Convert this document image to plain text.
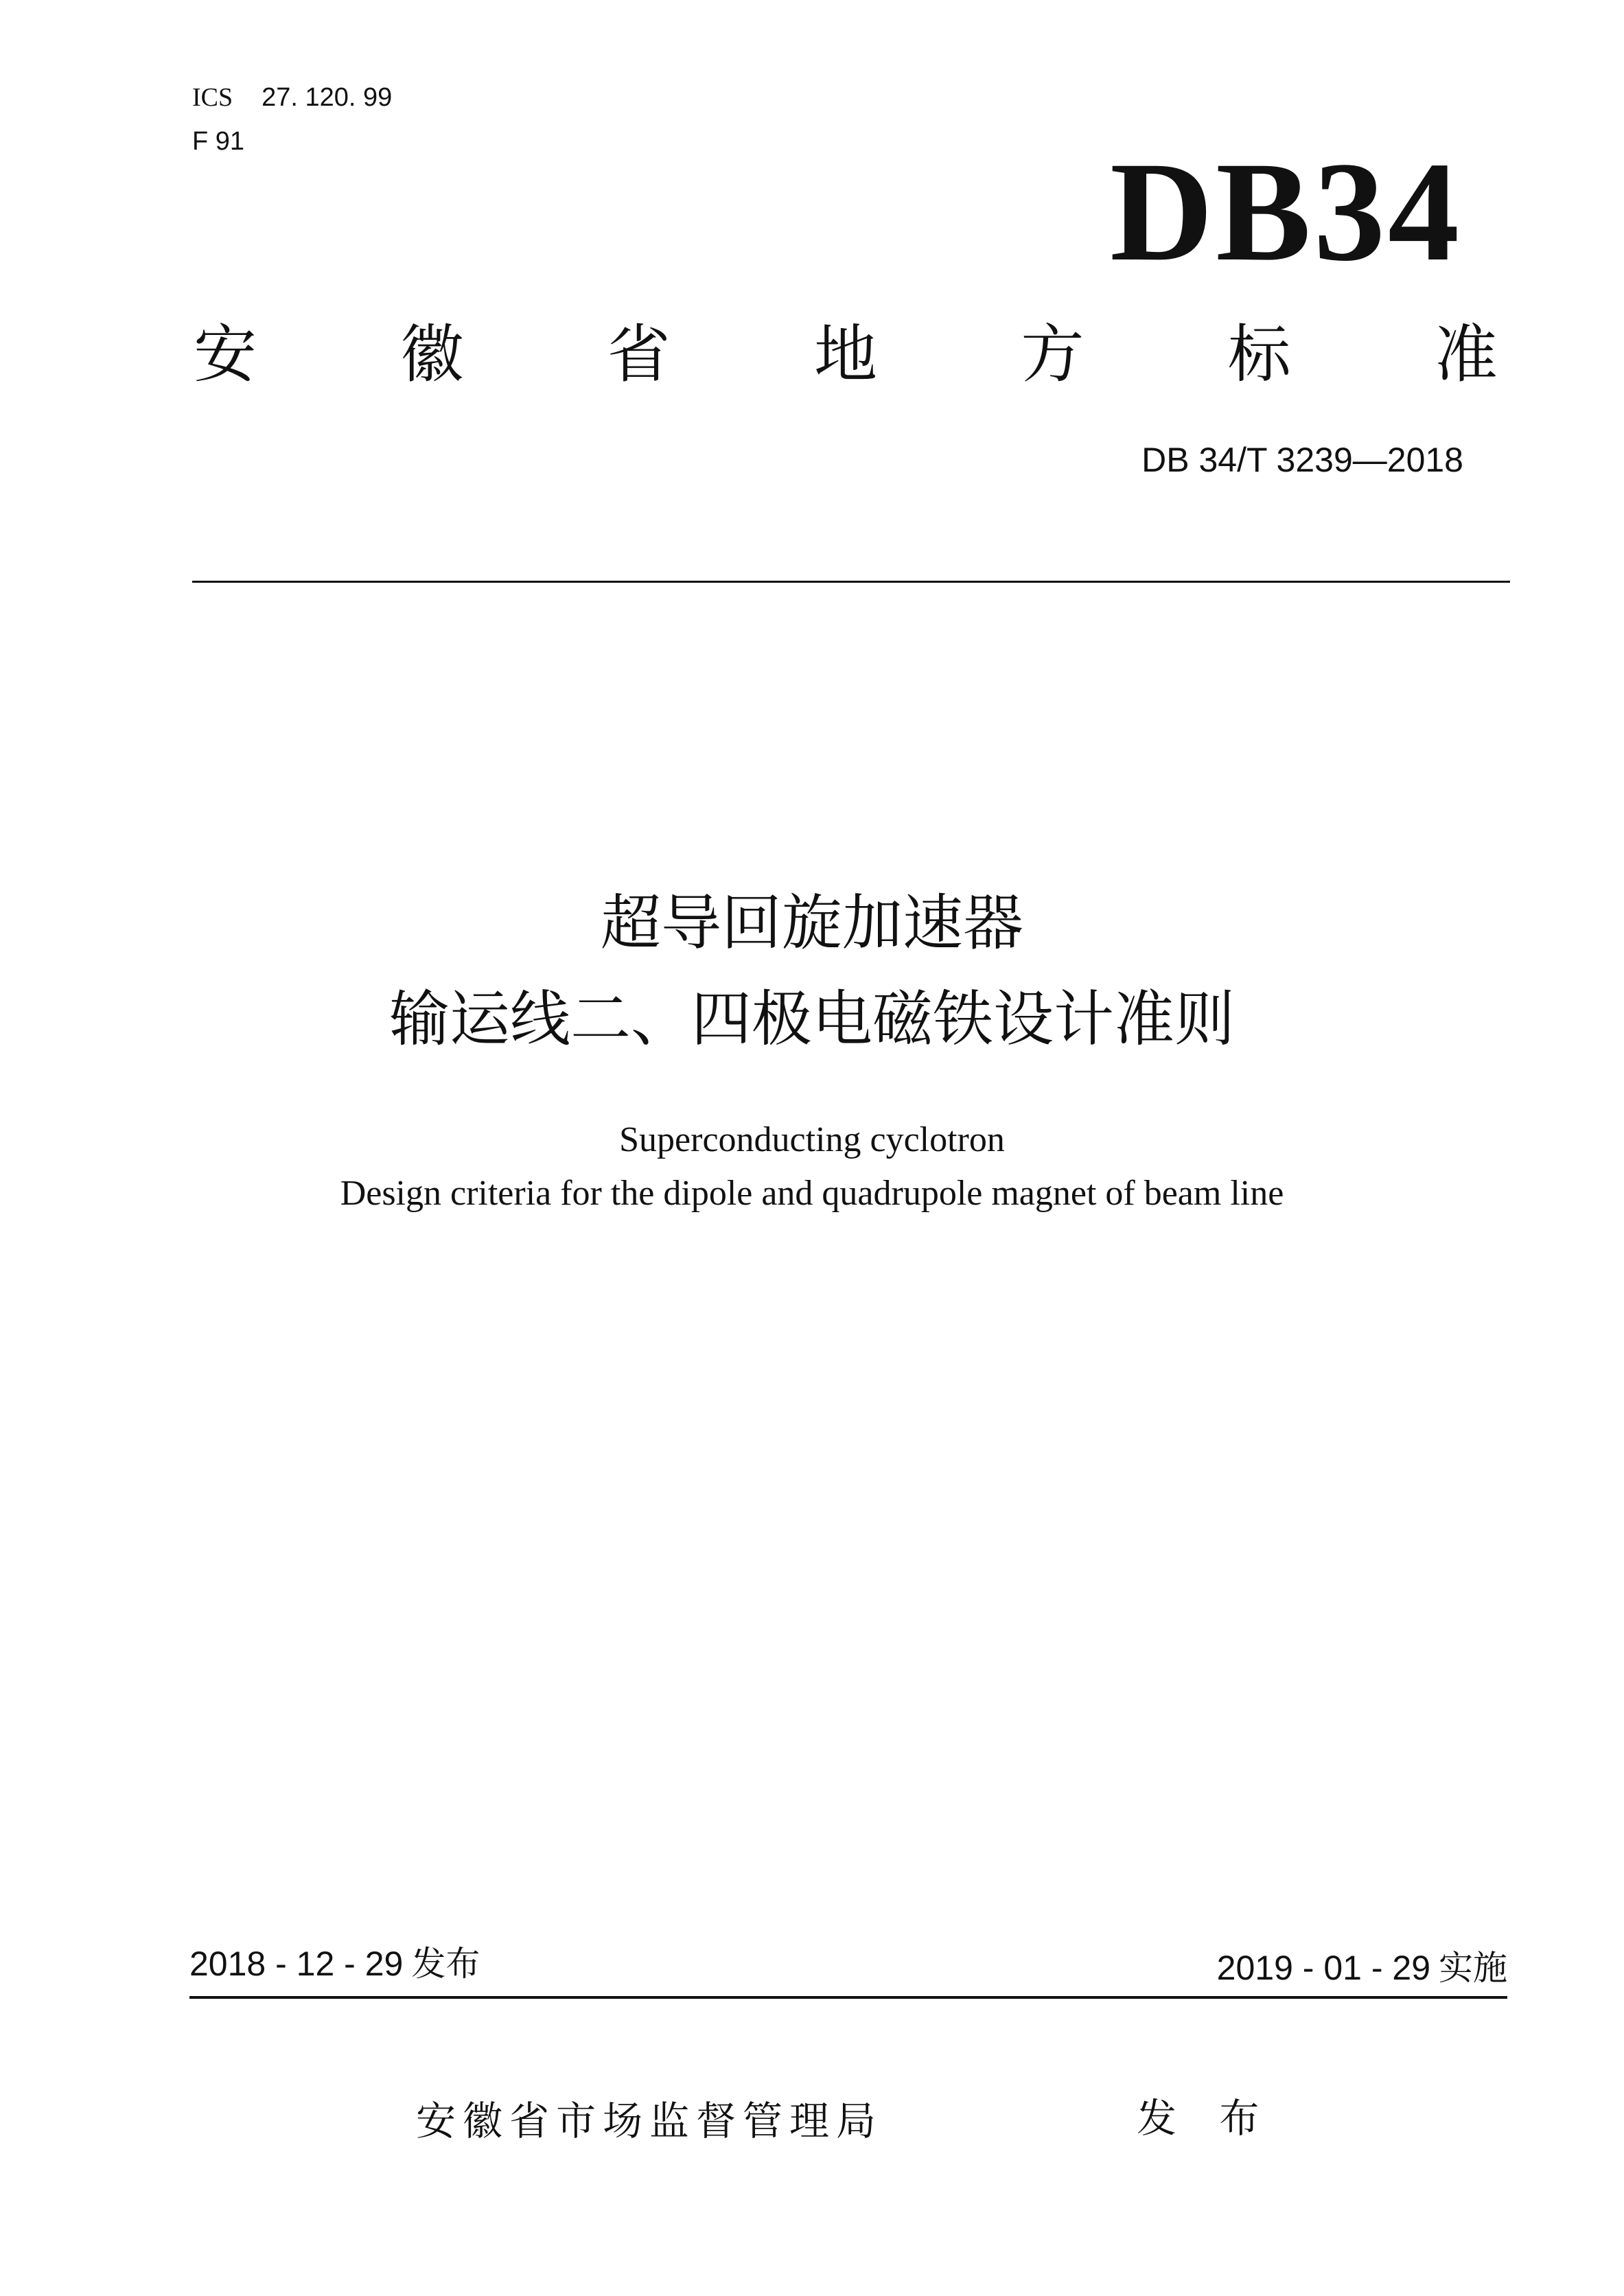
ICS 27. 120. 99
F 91	DB34
安 徽 省 地 方 标 准
DB 34/T 3239—2018
超导回旋加速器
输运线二、四极电磁铁设计准则
Superconducting cyclotron
Design criteria for the dipole and quadrupole magnet of beam line
2018 - 12 - 29 发布	2019 - 01 - 29 实施
安徽省市场监督管理局	发 布
